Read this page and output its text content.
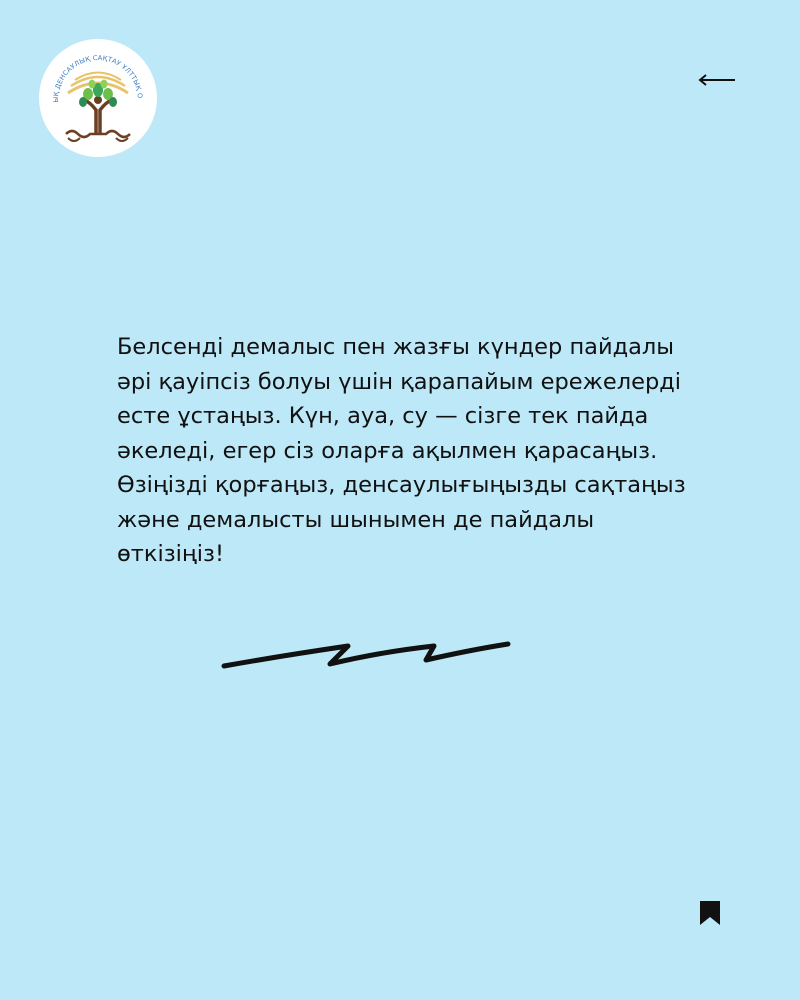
ЫҚ ДЕНСАУЛЫҚ САҚТАУ ҰЛТТЫҚ О

Белсенді демалыс пен жазғы күндер пайдалы әрі қауіпсіз болуы үшін қарапайым ережелерді есте ұстаңыз. Күн, ауа, су — сізге тек пайда әкеледі, егер сіз оларға ақылмен қарасаңыз. Өзіңізді қорғаңыз, денсаулығыңызды сақтаңыз және демалысты шынымен де пайдалы өткізіңіз!
